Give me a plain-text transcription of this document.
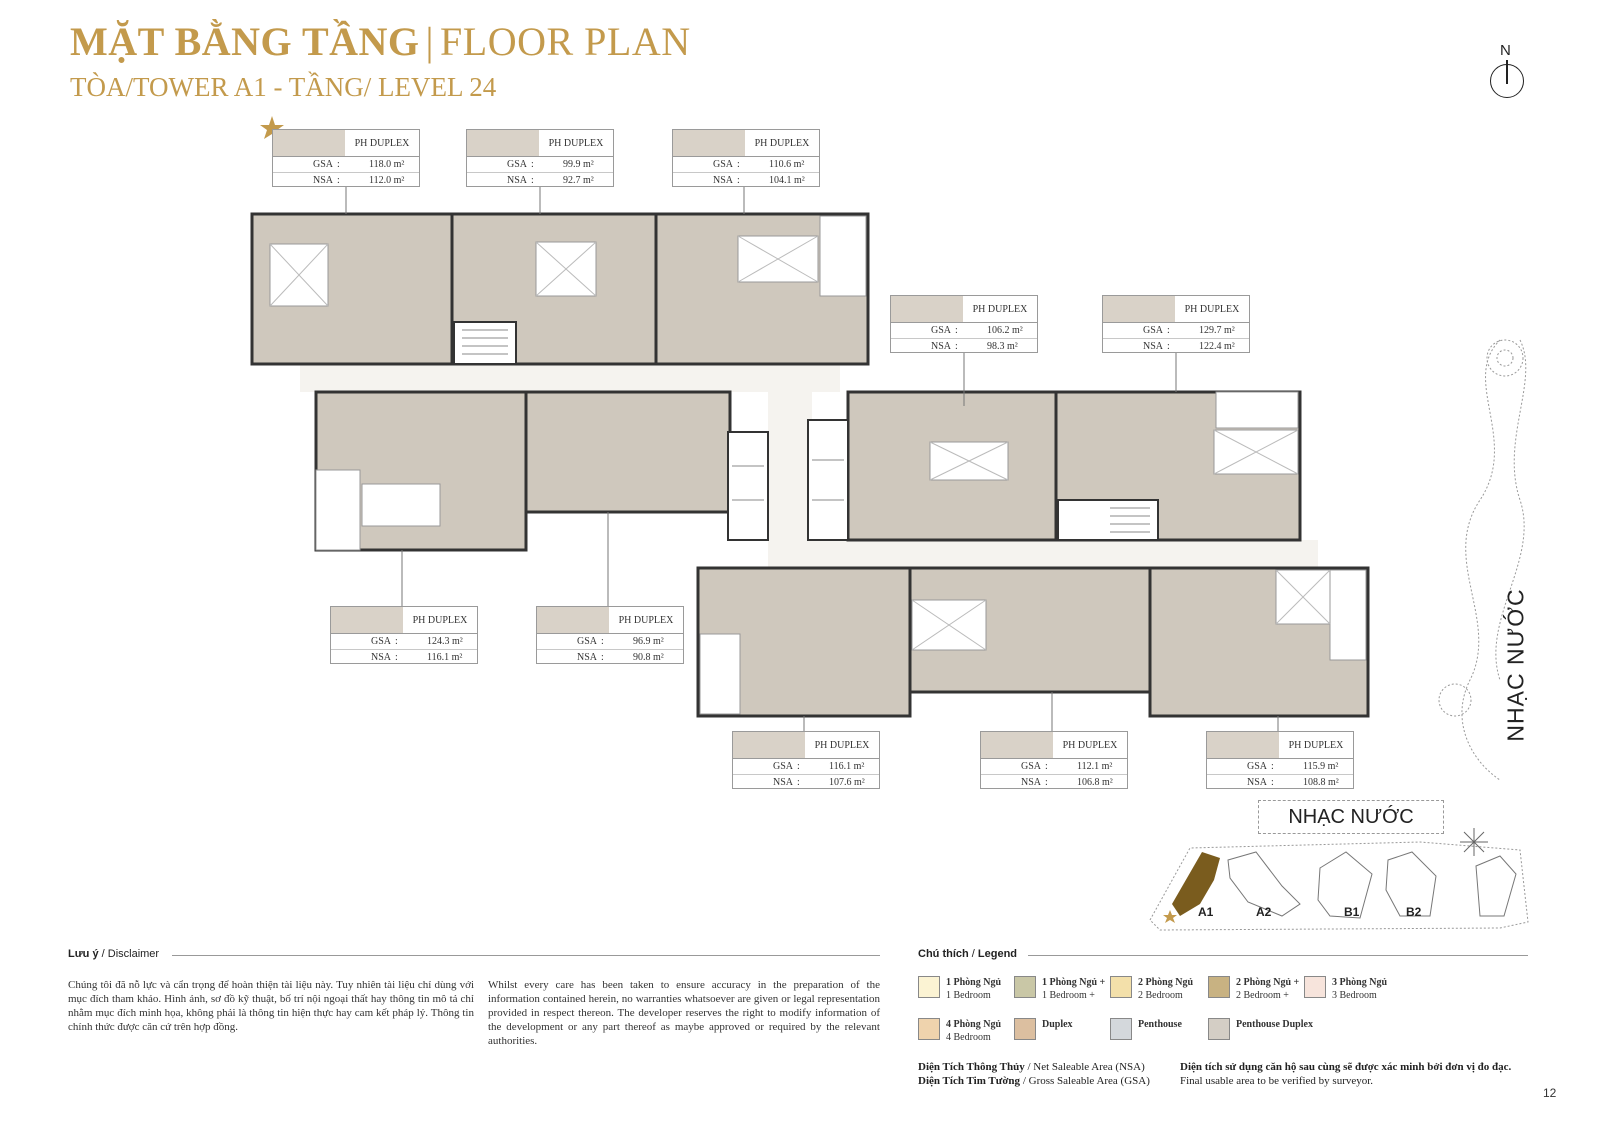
MẶT BẰNG TẦNG | FLOOR PLAN
TÒA/TOWER A1 - TẦNG/ LEVEL 24
N
PH DUPLEX
GSA :	118.0 m²
NSA :	112.0 m²
PH DUPLEX
GSA :	99.9 m²
NSA :	92.7 m²
PH DUPLEX
GSA :	110.6 m²
NSA :	104.1 m²
PH DUPLEX
GSA :	106.2 m²
NSA :	98.3 m²
PH DUPLEX
GSA :	129.7 m²
NSA :	122.4 m²
PH DUPLEX
GSA :	124.3 m²
NSA :	116.1 m²
PH DUPLEX
GSA :	96.9 m²
NSA :	90.8 m²
PH DUPLEX
GSA :	116.1 m²
NSA :	107.6 m²
PH DUPLEX
GSA :	112.1 m²
NSA :	106.8 m²
PH DUPLEX
GSA :	115.9 m²
NSA :	108.8 m²
NHẠC NƯỚC
NHẠC NƯỚC
A1	A2	B1	B2
Lưu ý / Disclaimer
Chúng tôi đã nỗ lực và cẩn trọng để hoàn thiện tài liệu này. Tuy nhiên tài liệu chỉ dùng với mục đích tham khảo. Hình ảnh, sơ đồ kỹ thuật, bố trí nội ngoại thất hay thông tin mô tả chỉ nhằm mục đích minh họa, không phải là thông tin hiện thực hay cam kết pháp lý. Thông tin chính thức được căn cứ trên hợp đồng.
Whilst every care has been taken to ensure accuracy in the preparation of the information contained herein, no warranties whatsoever are given or legal representation provided in respect thereon. The developer reserves the right to modify information of the development or any part thereof as maybe approved or required by the relevant authorities.
Chú thích / Legend
1 Phòng Ngủ
1 Bedroom
1 Phòng Ngủ +
1 Bedroom +
2 Phòng Ngủ
2 Bedroom
2 Phòng Ngủ +
2 Bedroom +
3 Phòng Ngủ
3 Bedroom
4 Phòng Ngủ
4 Bedroom
Duplex	Penthouse	Penthouse Duplex
Diện Tích Thông Thủy / Net Saleable Area (NSA)
Diện Tích Tim Tường / Gross Saleable Area (GSA)
Diện tích sử dụng căn hộ sau cùng sẽ được xác minh bởi đơn vị đo đạc.
Final usable area to be verified by surveyor.
12
